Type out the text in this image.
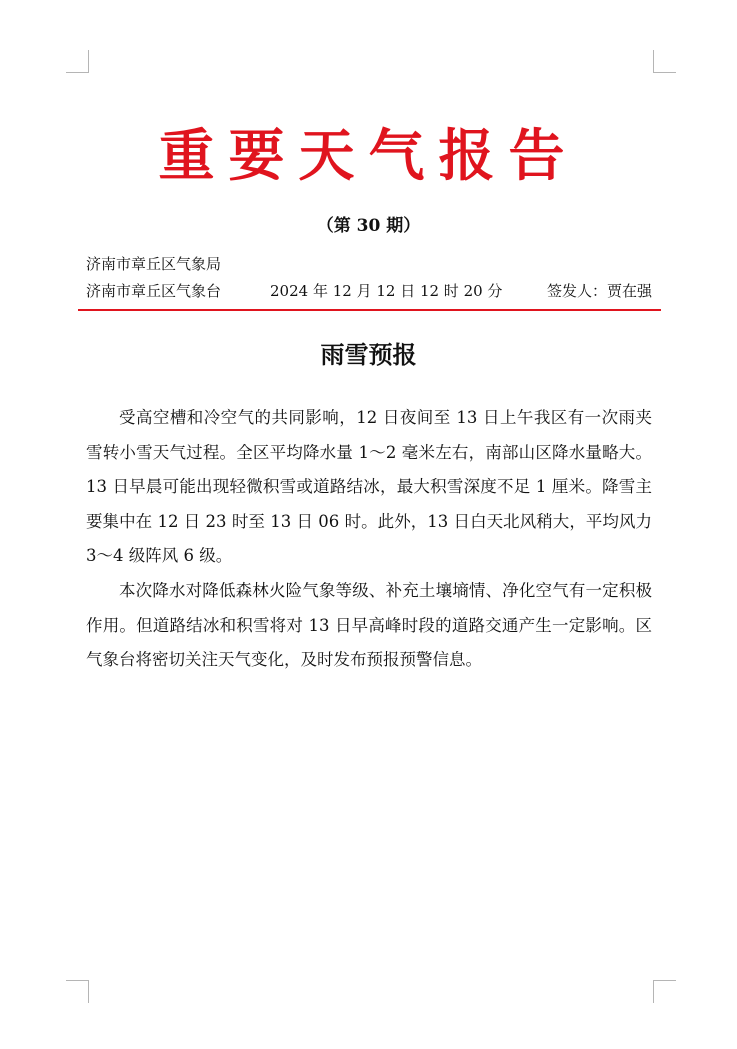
重要天气报告
（第 30 期）
济南市章丘区气象局
济南市章丘区气象台	2024 年 12 月 12 日 12 时 20 分	签发人：贾在强
雨雪预报

受高空槽和冷空气的共同影响，12 日夜间至 13 日上午我区有一次雨夹雪转小雪天气过程。全区平均降水量 1～2 毫米左右，南部山区降水量略大。13 日早晨可能出现轻微积雪或道路结冰，最大积雪深度不足 1 厘米。降雪主要集中在 12 日 23 时至 13 日 06 时。此外，13 日白天北风稍大，平均风力 3～4 级阵风 6 级。

本次降水对降低森林火险气象等级、补充土壤墒情、净化空气有一定积极作用。但道路结冰和积雪将对 13 日早高峰时段的道路交通产生一定影响。区气象台将密切关注天气变化，及时发布预报预警信息。
